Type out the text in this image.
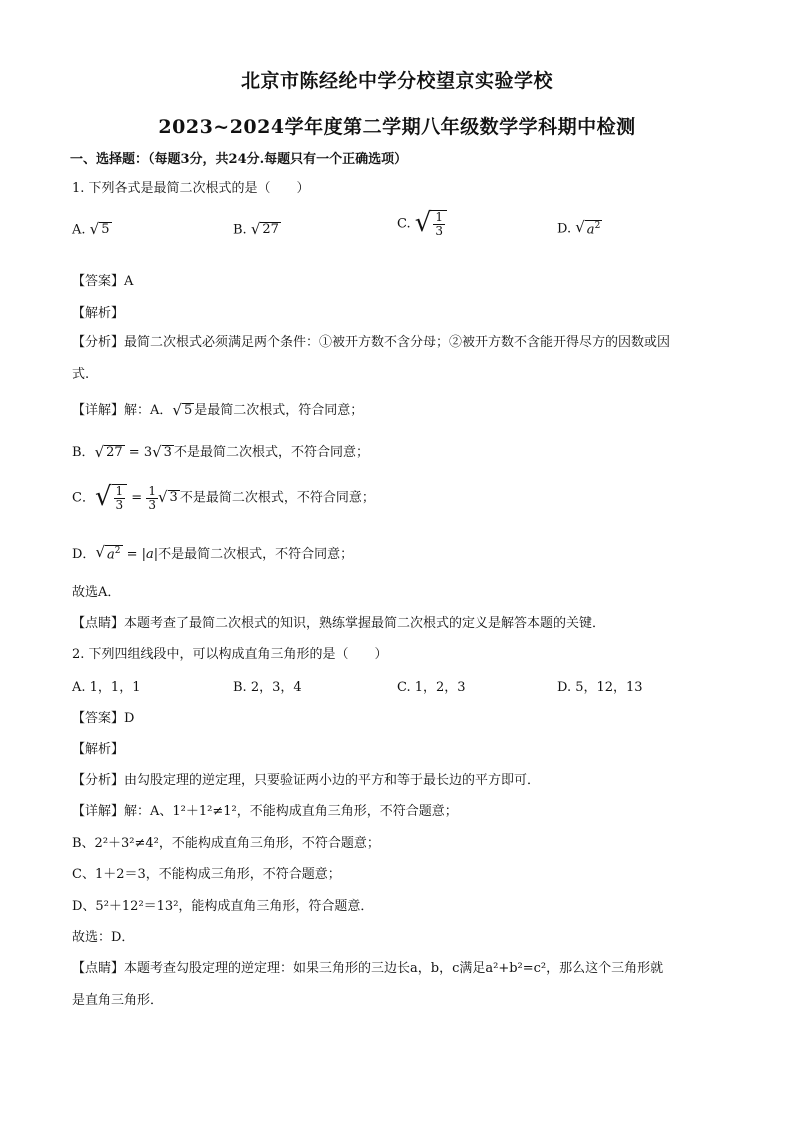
北京市陈经纶中学分校望京实验学校
2023~2024学年度第二学期八年级数学学科期中检测
一、选择题：（每题3分，共24分.每题只有一个正确选项）
1. 下列各式是最简二次根式的是（　　）
A. √ 5	B. √ 27	C. √ $\frac{1}{3}$	D. √ $a^2$
【答案】A
【解析】
【分析】最简二次根式必须满足两个条件：①被开方数不含分母；②被开方数不含能开得尽方的因数或因
式.
【详解】解：A． √ 5 是最简二次根式，符合同意；
B． √ 27 = 3 √ 3 不是最简二次根式，不符合同意；
C． √ $\frac{1}{3} = \frac{1}{3}$ √ 3 不是最简二次根式，不符合同意；
D． √ $a^2 = |a|$不是最简二次根式，不符合同意；
故选A．
【点睛】本题考查了最简二次根式的知识，熟练掌握最简二次根式的定义是解答本题的关键．
2. 下列四组线段中，可以构成直角三角形的是（　　）
A. 1，1，1	B. 2，3，4	C. 1，2，3	D. 5，12，13
【答案】D
【解析】
【分析】由勾股定理的逆定理，只要验证两小边的平方和等于最长边的平方即可．
【详解】解：A、1²＋1²≠1²，不能构成直角三角形，不符合题意；
B、2²＋3²≠4²，不能构成直角三角形，不符合题意；
C、1＋2＝3，不能构成三角形，不符合题意；
D、5²＋12²＝13²，能构成直角三角形，符合题意．
故选：D．
【点睛】本题考查勾股定理的逆定理：如果三角形的三边长a，b，c满足a²+b²=c²，那么这个三角形就
是直角三角形．
